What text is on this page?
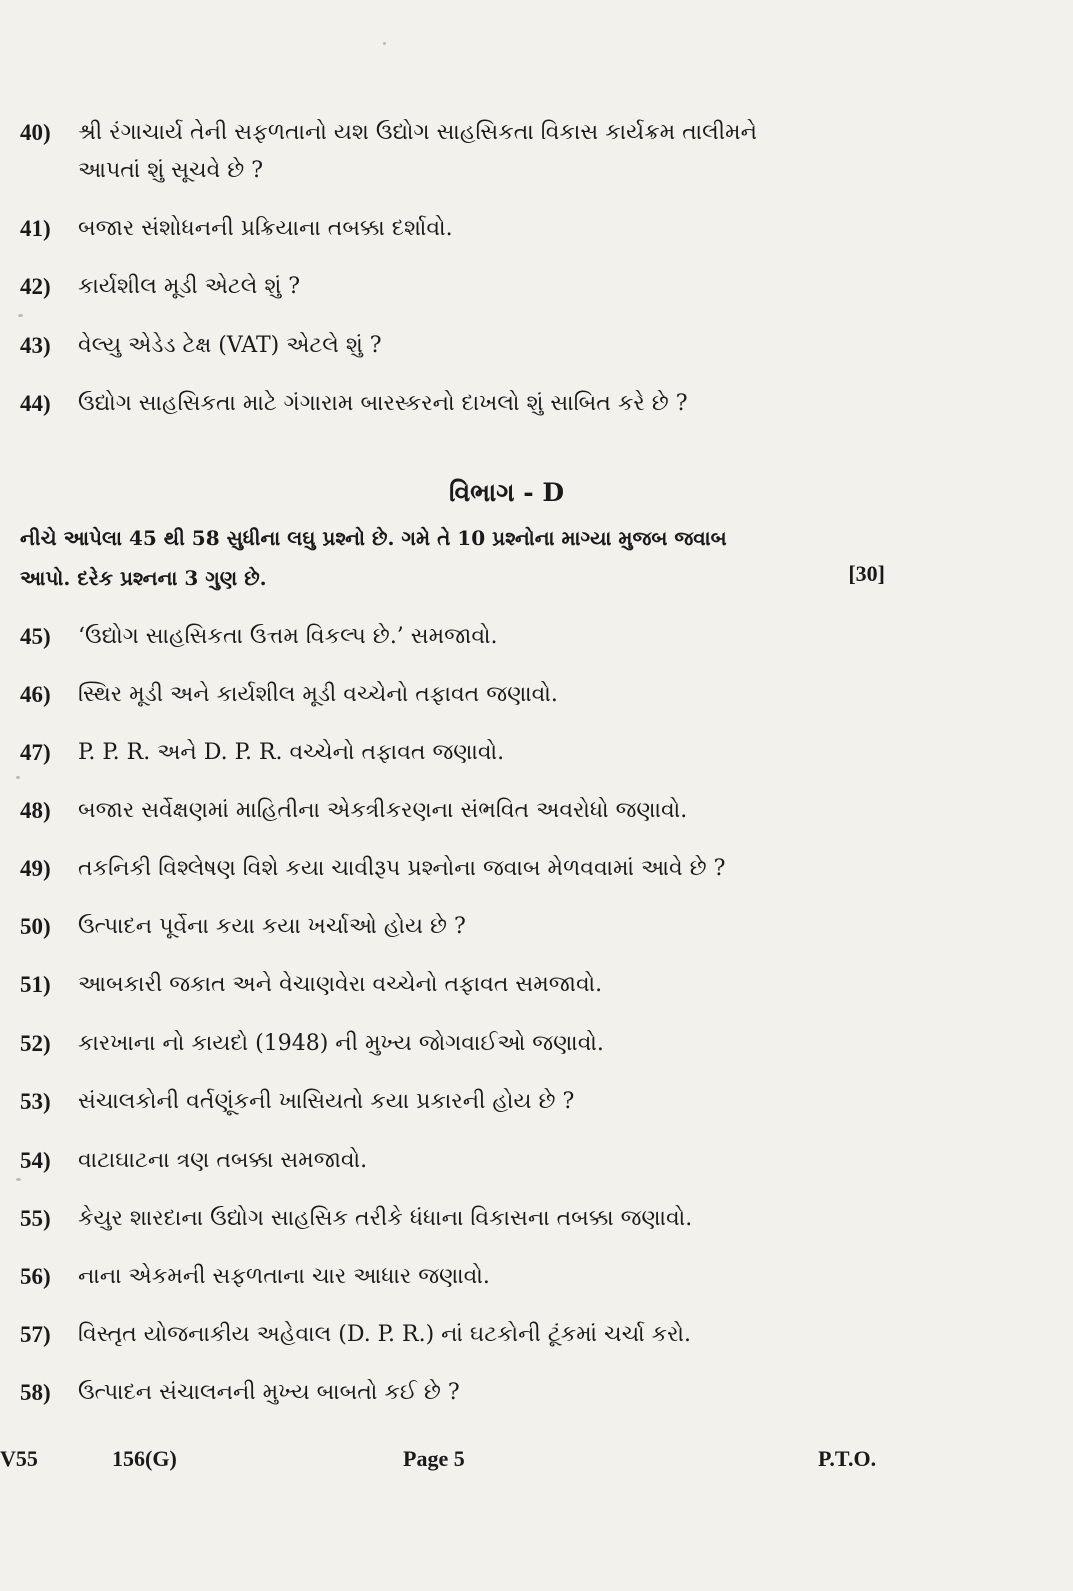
40)	શ્રી રંગાચાર્ય તેની સફળતાનો યશ ઉદ્યોગ સાહસિકતા વિકાસ કાર્યક્રમ તાલીમને
આપતાં શું સૂચવે છે ?
41)	બજાર સંશોધનની પ્રક્રિયાના તબક્કા દર્શાવો.
42)	કાર્યશીલ મૂડી એટલે શું ?
43)	વેલ્યુ એડેડ ટેક્ષ (VAT) એટલે શું ?
44)	ઉદ્યોગ સાહસિકતા માટે ગંગારામ બારસ્કરનો દાખલો શું સાબિત કરે છે ?
વિભાગ - D
નીચે આપેલા 45 થી 58 સુધીના લઘુ પ્રશ્નો છે. ગમે તે 10 પ્રશ્નોના માગ્યા મુજબ જવાબ
આપો. દરેક પ્રશ્નના 3 ગુણ છે.	[30]
45)	‘ઉદ્યોગ સાહસિકતા ઉત્તમ વિકલ્પ છે.’ સમજાવો.
46)	સ્થિર મૂડી અને કાર્યશીલ મૂડી વચ્ચેનો તફાવત જણાવો.
47)	P. P. R. અને D. P. R. વચ્ચેનો તફાવત જણાવો.
48)	બજાર સર્વેક્ષણમાં માહિતીના એકત્રીકરણના સંભવિત અવરોધો જણાવો.
49)	તકનિકી વિશ્લેષણ વિશે કયા ચાવીરૂપ પ્રશ્નોના જવાબ મેળવવામાં આવે છે ?
50)	ઉત્પાદન પૂર્વેના કયા કયા ખર્ચાઓ હોય છે ?
51)	આબકારી જકાત અને વેચાણવેરા વચ્ચેનો તફાવત સમજાવો.
52)	કારખાના નો કાયદો (1948) ની મુખ્ય જોગવાઈઓ જણાવો.
53)	સંચાલકોની વર્તણૂંકની ખાસિયતો કયા પ્રકારની હોય છે ?
54)	વાટાઘાટના ત્રણ તબક્કા સમજાવો.
55)	કેયુર શારદાના ઉદ્યોગ સાહસિક તરીકે ધંધાના વિકાસના તબક્કા જણાવો.
56)	નાના એકમની સફળતાના ચાર આધાર જણાવો.
57)	વિસ્તૃત યોજનાકીય અહેવાલ (D. P. R.) નાં ઘટકોની ટૂંકમાં ચર્ચા કરો.
58)	ઉત્પાદન સંચાલનની મુખ્ય બાબતો કઈ છે ?
V55	156(G)	Page 5	P.T.O.
